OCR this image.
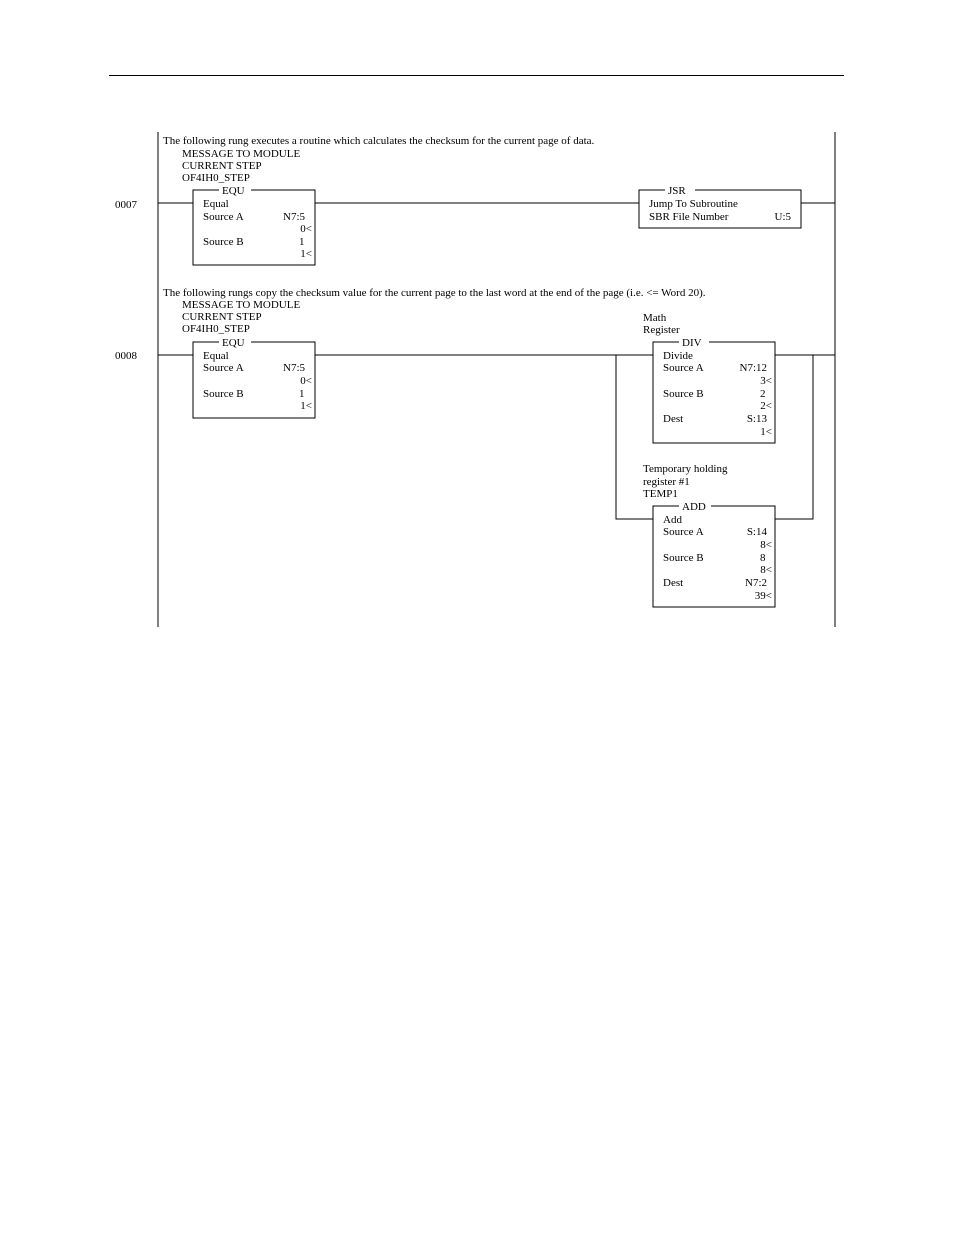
0007
The following rung executes a routine which calculates the checksum for the current page of data.
MESSAGE TO MODULE
CURRENT STEP
OF4IH0_STEP
EQU
Equal
Source A	N7:5
0<
Source B	1
1<
JSR
Jump To Subroutine
SBR File Number	U:5
0008
The following rungs copy the checksum value for the current page to the last word at the end of the page (i.e. <= Word 20).
MESSAGE TO MODULE
CURRENT STEP
OF4IH0_STEP
EQU
Equal
Source A	N7:5
0<
Source B	1
1<
Math
Register
DIV
Divide
Source A	N7:12
3<
Source B	2
2<
Dest	S:13
1<
Temporary holding
register #1
TEMP1
ADD
Add
Source A	S:14
8<
Source B	8
8<
Dest	N7:2
39<
